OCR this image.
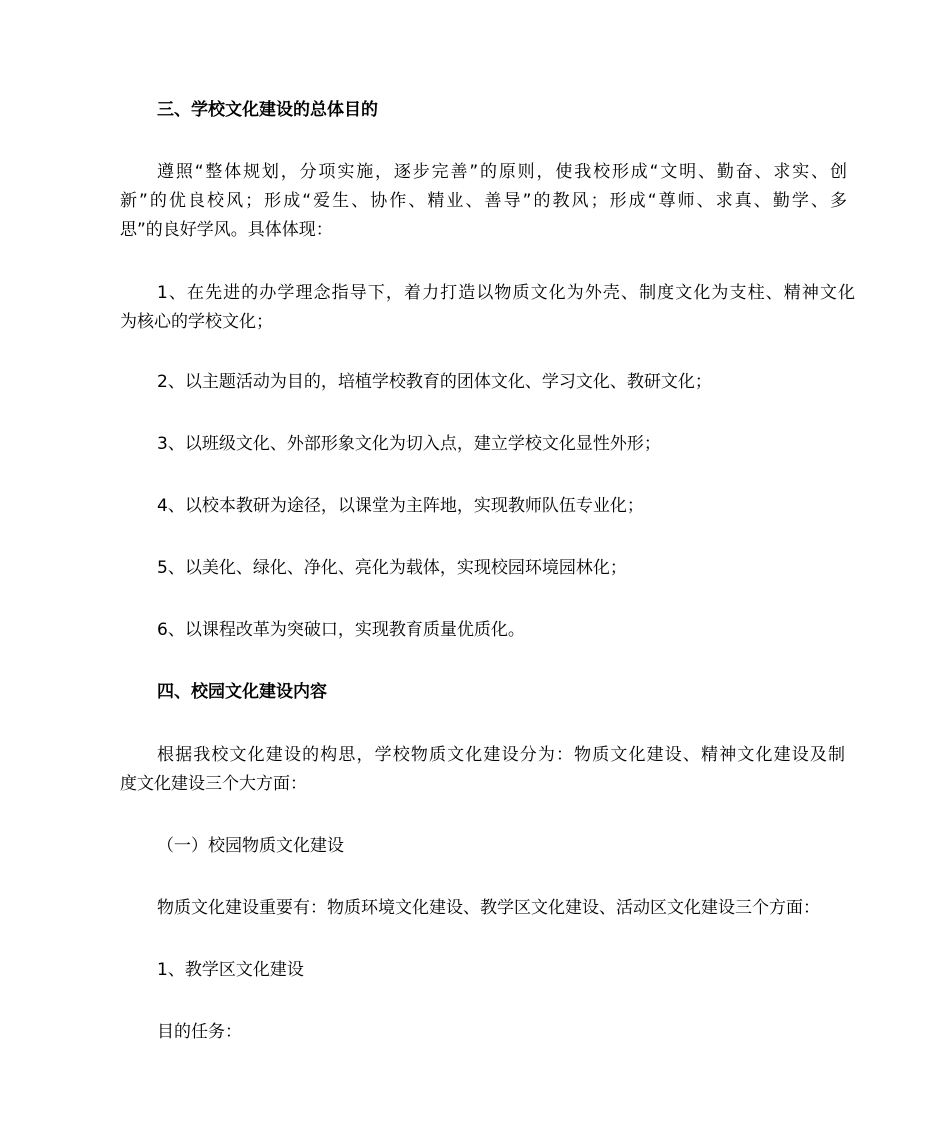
三、学校文化建设的总体目的
遵照“整体规划，分项实施，逐步完善”的原则，使我校形成“文明、勤奋、求实、创
新”的优良校风；形成“爱生、协作、精业、善导”的教风；形成“尊师、求真、勤学、多
思”的良好学风。具体体现：
1、在先进的办学理念指导下，着力打造以物质文化为外壳、制度文化为支柱、精神文化
为核心的学校文化；
2、以主题活动为目的，培植学校教育的团体文化、学习文化、教研文化；
3、以班级文化、外部形象文化为切入点，建立学校文化显性外形；
4、以校本教研为途径，以课堂为主阵地，实现教师队伍专业化；
5、以美化、绿化、净化、亮化为载体，实现校园环境园林化；
6、以课程改革为突破口，实现教育质量优质化。
四、校园文化建设内容
根据我校文化建设的构思，学校物质文化建设分为：物质文化建设、精神文化建设及制
度文化建设三个大方面：
（一）校园物质文化建设
物质文化建设重要有：物质环境文化建设、教学区文化建设、活动区文化建设三个方面：
1、教学区文化建设
目的任务：
